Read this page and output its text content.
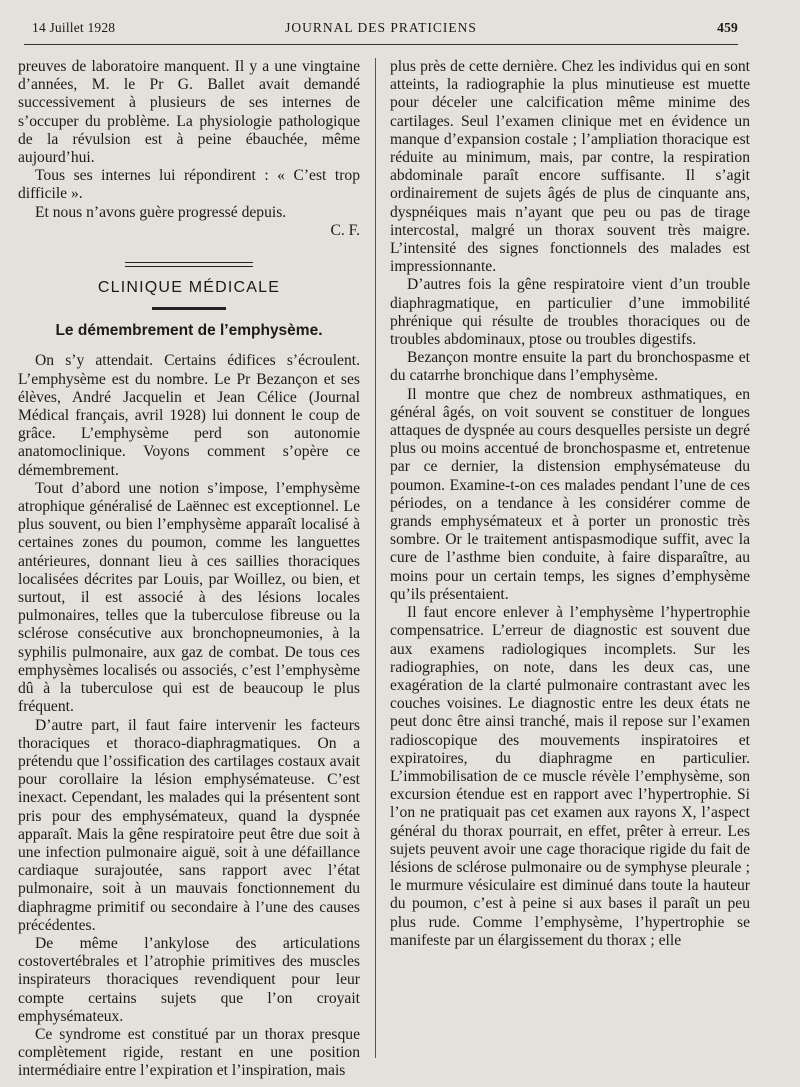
14 Juillet 1928	JOURNAL DES PRATICIENS	459

preuves de laboratoire manquent. Il y a une vingtaine d’années, M. le Pr G. Ballet avait demandé successivement à plusieurs de ses internes de s’occuper du problème. La physiologie pathologique de la révulsion est à peine ébauchée, même aujourd’hui.

Tous ses internes lui répondirent : « C’est trop difficile ».

Et nous n’avons guère progressé depuis.

C. F.

CLINIQUE MÉDICALE
Le démembrement de l’emphysème.

On s’y attendait. Certains édifices s’écroulent. L’emphysème est du nombre. Le Pr Bezançon et ses élèves, André Jacquelin et Jean Célice (Journal Médical français, avril 1928) lui donnent le coup de grâce. L’emphysème perd son autonomie anatomoclinique. Voyons comment s’opère ce démembrement.

Tout d’abord une notion s’impose, l’emphysème atrophique généralisé de Laënnec est exceptionnel. Le plus souvent, ou bien l’emphysème apparaît localisé à certaines zones du poumon, comme les languettes antérieures, donnant lieu à ces saillies thoraciques localisées décrites par Louis, par Woillez, ou bien, et surtout, il est associé à des lésions locales pulmonaires, telles que la tuberculose fibreuse ou la sclérose consécutive aux bronchopneumonies, à la syphilis pulmonaire, aux gaz de combat. De tous ces emphysèmes localisés ou associés, c’est l’emphysème dû à la tuberculose qui est de beaucoup le plus fréquent.

D’autre part, il faut faire intervenir les facteurs thoraciques et thoraco-diaphragmatiques. On a prétendu que l’ossification des cartilages costaux avait pour corollaire la lésion emphysémateuse. C’est inexact. Cependant, les malades qui la présentent sont pris pour des emphysémateux, quand la dyspnée apparaît. Mais la gêne respiratoire peut être due soit à une infection pulmonaire aiguë, soit à une défaillance cardiaque surajoutée, sans rapport avec l’état pulmonaire, soit à un mauvais fonctionnement du diaphragme primitif ou secondaire à l’une des causes précédentes.

De même l’ankylose des articulations costovertébrales et l’atrophie primitives des muscles inspirateurs thoraciques revendiquent pour leur compte certains sujets que l’on croyait emphysémateux.

Ce syndrome est constitué par un thorax presque complètement rigide, restant en une position intermédiaire entre l’expiration et l’inspiration, mais

plus près de cette dernière. Chez les individus qui en sont atteints, la radiographie la plus minutieuse est muette pour déceler une calcification même minime des cartilages. Seul l’examen clinique met en évidence un manque d’expansion costale ; l’ampliation thoracique est réduite au minimum, mais, par contre, la respiration abdominale paraît encore suffisante. Il s’agit ordinairement de sujets âgés de plus de cinquante ans, dyspnéiques mais n’ayant que peu ou pas de tirage intercostal, malgré un thorax souvent très maigre. L’intensité des signes fonctionnels des malades est impressionnante.

D’autres fois la gêne respiratoire vient d’un trouble diaphragmatique, en particulier d’une immobilité phrénique qui résulte de troubles thoraciques ou de troubles abdominaux, ptose ou troubles digestifs.

Bezançon montre ensuite la part du bronchospasme et du catarrhe bronchique dans l’emphysème.

Il montre que chez de nombreux asthmatiques, en général âgés, on voit souvent se constituer de longues attaques de dyspnée au cours desquelles persiste un degré plus ou moins accentué de bronchospasme et, entretenue par ce dernier, la distension emphysémateuse du poumon. Examine-t-on ces malades pendant l’une de ces périodes, on a tendance à les considérer comme de grands emphysémateux et à porter un pronostic très sombre. Or le traitement antispasmodique suffit, avec la cure de l’asthme bien conduite, à faire disparaître, au moins pour un certain temps, les signes d’emphysème qu’ils présentaient.

Il faut encore enlever à l’emphysème l’hypertrophie compensatrice. L’erreur de diagnostic est souvent due aux examens radiologiques incomplets. Sur les radiographies, on note, dans les deux cas, une exagération de la clarté pulmonaire contrastant avec les couches voisines. Le diagnostic entre les deux états ne peut donc être ainsi tranché, mais il repose sur l’examen radioscopique des mouvements inspiratoires et expiratoires, du diaphragme en particulier. L’immobilisation de ce muscle révèle l’emphysème, son excursion étendue est en rapport avec l’hypertrophie. Si l’on ne pratiquait pas cet examen aux rayons X, l’aspect général du thorax pourrait, en effet, prêter à erreur. Les sujets peuvent avoir une cage thoracique rigide du fait de lésions de sclérose pulmonaire ou de symphyse pleurale ; le murmure vésiculaire est diminué dans toute la hauteur du poumon, c’est à peine si aux bases il paraît un peu plus rude. Comme l’emphysème, l’hypertrophie se manifeste par un élargissement du thorax ; elle
